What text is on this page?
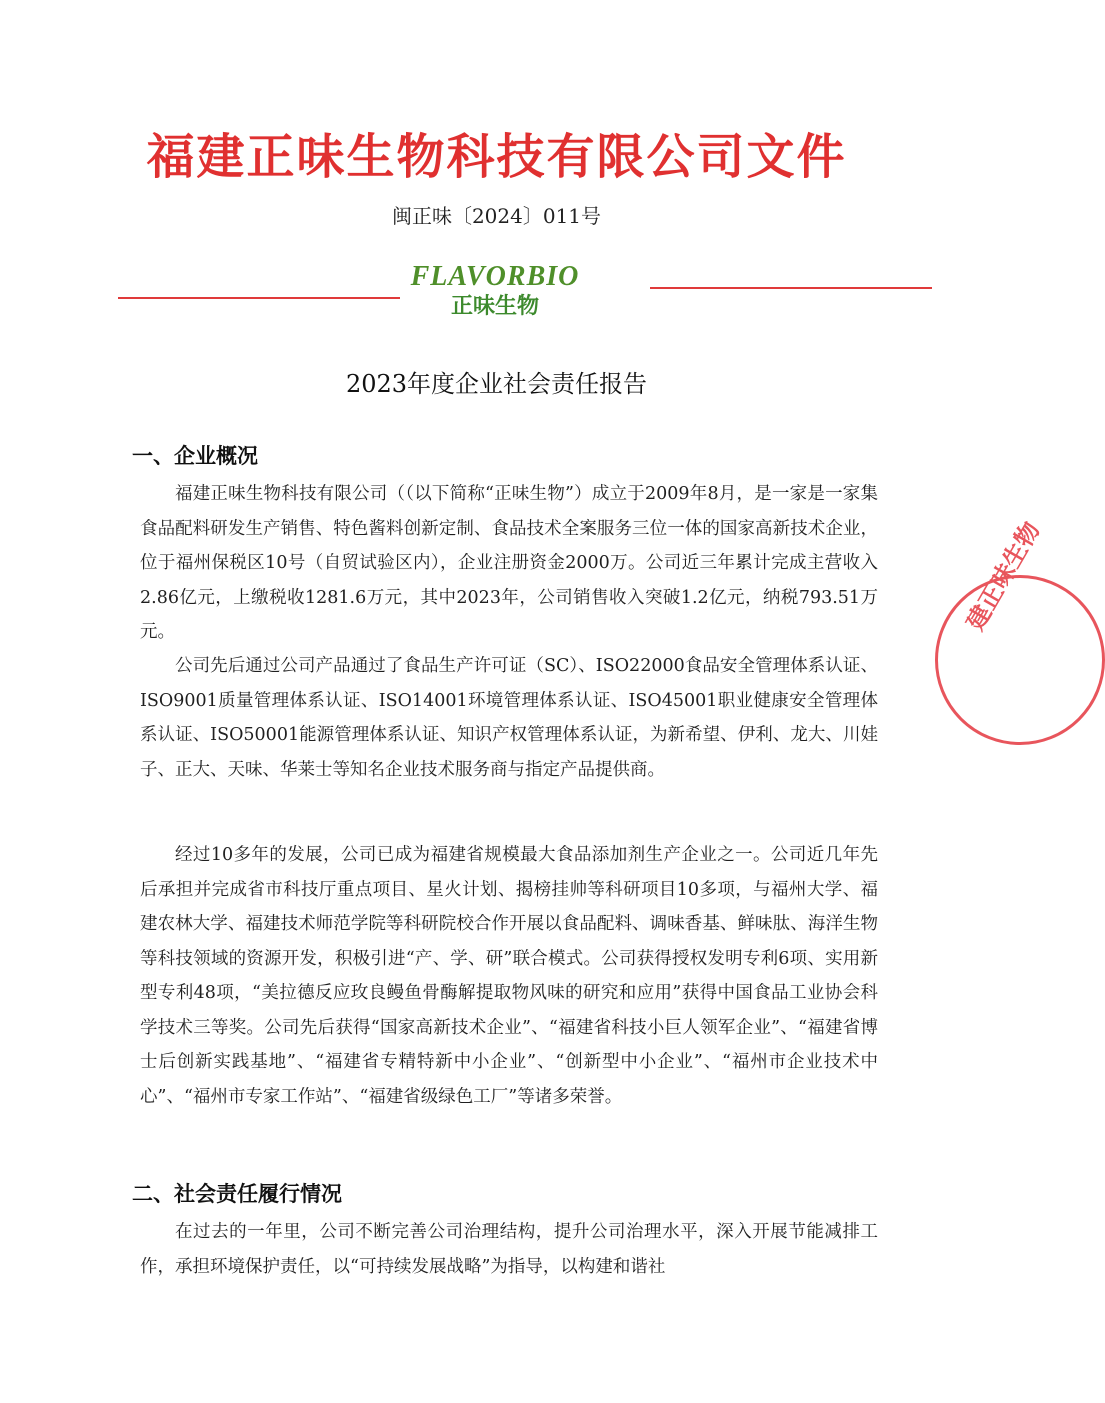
福建正味生物科技有限公司文件
闽正味〔2024〕011号
FLAVORBIO
正味生物
2023年度企业社会责任报告
一、企业概况

福建正味生物科技有限公司（（以下简称“正味生物”）成立于2009年8月，是一家是一家集食品配料研发生产销售、特色酱料创新定制、食品技术全案服务三位一体的国家高新技术企业，位于福州保税区10号（自贸试验区内），企业注册资金2000万。公司近三年累计完成主营收入2.86亿元，上缴税收1281.6万元，其中2023年，公司销售收入突破1.2亿元，纳税793.51万元。

公司先后通过公司产品通过了食品生产许可证（SC）、ISO22000食品安全管理体系认证、ISO9001质量管理体系认证、ISO14001环境管理体系认证、ISO45001职业健康安全管理体系认证、ISO50001能源管理体系认证、知识产权管理体系认证，为新希望、伊利、龙大、川娃子、正大、天味、华莱士等知名企业技术服务商与指定产品提供商。

经过10多年的发展，公司已成为福建省规模最大食品添加剂生产企业之一。公司近几年先后承担并完成省市科技厅重点项目、星火计划、揭榜挂帅等科研项目10多项，与福州大学、福建农林大学、福建技术师范学院等科研院校合作开展以食品配料、调味香基、鲜味肽、海洋生物等科技领域的资源开发，积极引进“产、学、研”联合模式。公司获得授权发明专利6项、实用新型专利48项，“美拉德反应玫良鳗鱼骨酶解提取物风味的研究和应用”获得中国食品工业协会科学技术三等奖。公司先后获得“国家高新技术企业”、“福建省科技小巨人领军企业”、“福建省博士后创新实践基地”、“福建省专精特新中小企业”、“创新型中小企业”、“福州市企业技术中心”、“福州市专家工作站”、“福建省级绿色工厂”等诸多荣誉。

二、社会责任履行情况

在过去的一年里，公司不断完善公司治理结构，提升公司治理水平，深入开展节能减排工作，承担环境保护责任，以“可持续发展战略”为指导，以构建和谐社

建正味生物
